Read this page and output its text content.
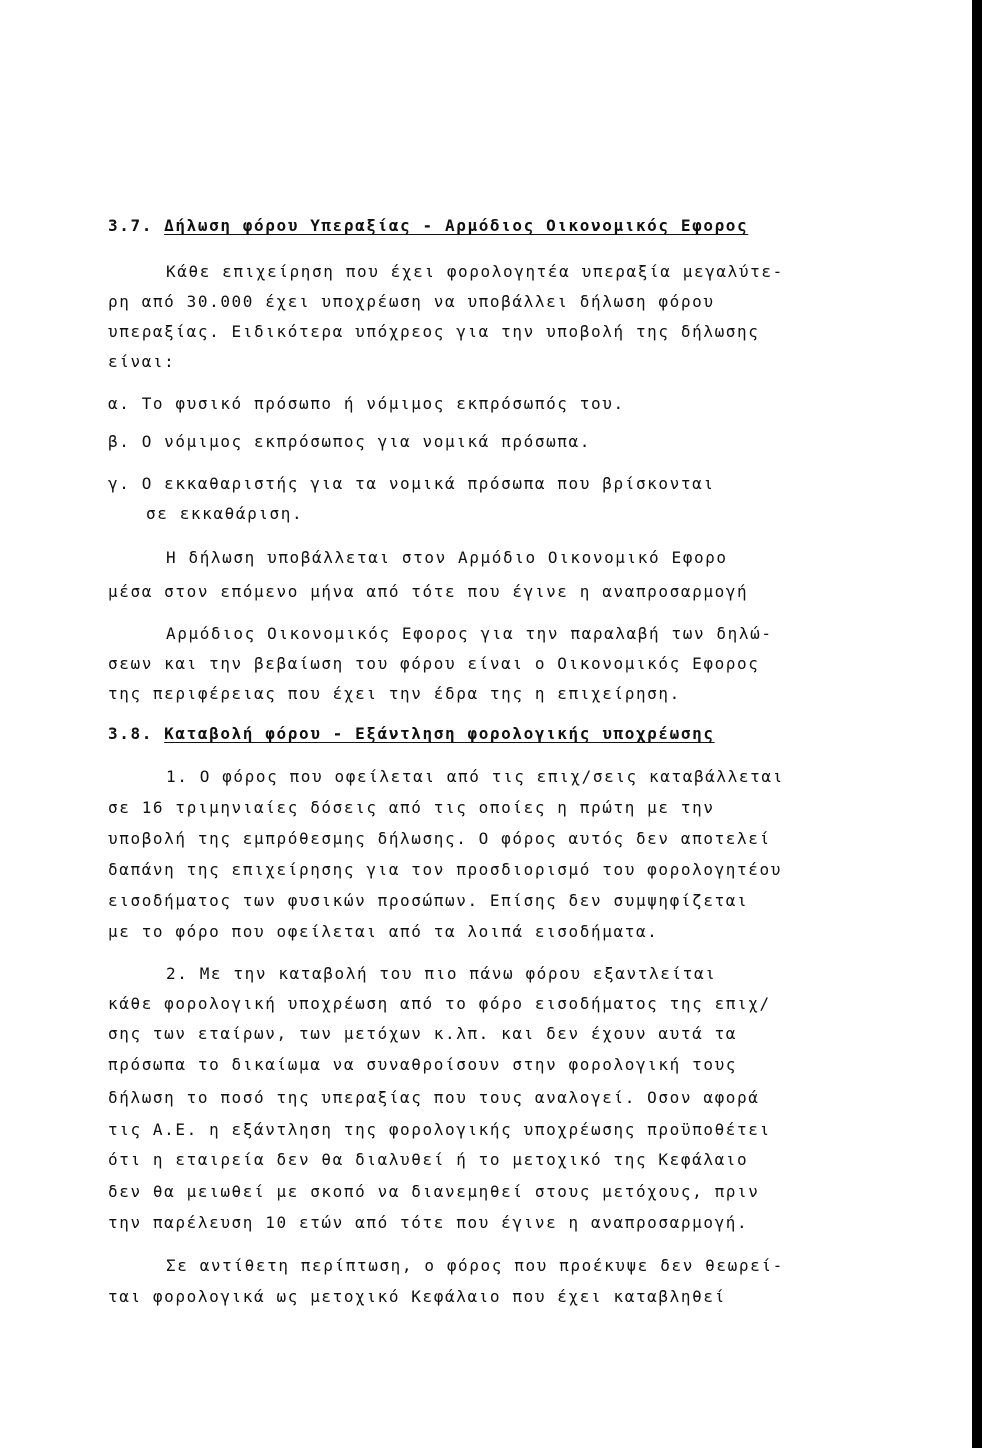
3.7. Δήλωση φόρου Υπεραξίας - Αρμόδιος Οικονομικός Εφορος
Κάθε επιχείρηση που έχει φορολογητέα υπεραξία μεγαλύτε-
ρη από 30.000 έχει υποχρέωση να υποβάλλει δήλωση φόρου
υπεραξίας. Ειδικότερα υπόχρεος για την υποβολή της δήλωσης
είναι:
α. Το φυσικό πρόσωπο ή νόμιμος εκπρόσωπός του.
β. Ο νόμιμος εκπρόσωπος για νομικά πρόσωπα.
γ. Ο εκκαθαριστής για τα νομικά πρόσωπα που βρίσκονται
σε εκκαθάριση.
Η δήλωση υποβάλλεται στον Αρμόδιο Οικονομικό Εφορο
μέσα στον επόμενο μήνα από τότε που έγινε η αναπροσαρμογή
Αρμόδιος Οικονομικός Εφορος για την παραλαβή των δηλώ-
σεων και την βεβαίωση του φόρου είναι ο Οικονομικός Εφορος
της περιφέρειας που έχει την έδρα της η επιχείρηση.
3.8. Καταβολή φόρου - Εξάντληση φορολογικής υποχρέωσης
1. Ο φόρος που οφείλεται από τις επιχ/σεις καταβάλλεται
σε 16 τριμηνιαίες δόσεις από τις οποίες η πρώτη με την
υποβολή της εμπρόθεσμης δήλωσης. Ο φόρος αυτός δεν αποτελεί
δαπάνη της επιχείρησης για τον προσδιορισμό του φορολογητέου
εισοδήματος των φυσικών προσώπων. Επίσης δεν συμψηφίζεται
με το φόρο που οφείλεται από τα λοιπά εισοδήματα.
2. Με την καταβολή του πιο πάνω φόρου εξαντλείται
κάθε φορολογική υποχρέωση από το φόρο εισοδήματος της επιχ/
σης των εταίρων, των μετόχων κ.λπ. και δεν έχουν αυτά τα
πρόσωπα το δικαίωμα να συναθροίσουν στην φορολογική τους
δήλωση το ποσό της υπεραξίας που τους αναλογεί. Οσον αφορά
τις Α.Ε. η εξάντληση της φορολογικής υποχρέωσης προϋποθέτει
ότι η εταιρεία δεν θα διαλυθεί ή το μετοχικό της Κεφάλαιο
δεν θα μειωθεί με σκοπό να διανεμηθεί στους μετόχους, πριν
την παρέλευση 10 ετών από τότε που έγινε η αναπροσαρμογή.
Σε αντίθετη περίπτωση, ο φόρος που προέκυψε δεν θεωρεί-
ται φορολογικά ως μετοχικό Κεφάλαιο που έχει καταβληθεί
